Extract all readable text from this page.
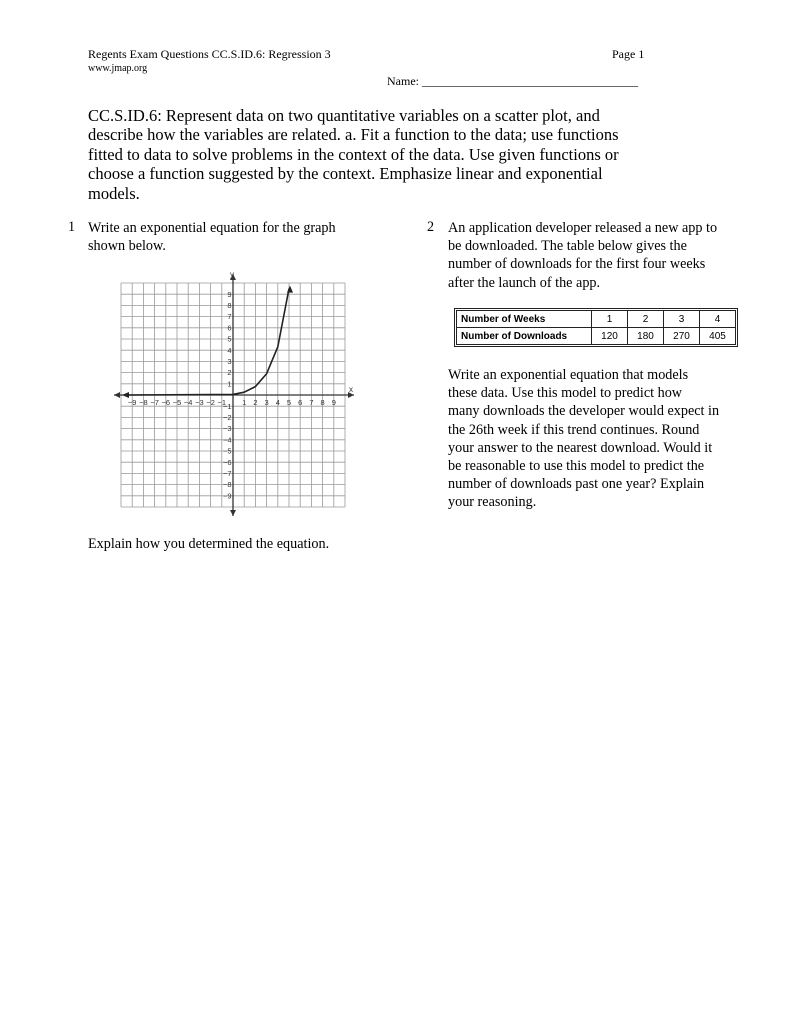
Regents Exam Questions CC.S.ID.6: Regression 3
www.jmap.org
Page 1
Name: ____________________________________
CC.S.ID.6: Represent data on two quantitative variables on a scatter plot, and describe how the variables are related. a. Fit a function to the data; use functions fitted to data to solve problems in the context of the data. Use given functions or choose a function suggested by the context. Emphasize linear and exponential models.
1 Write an exponential equation for the graph
shown below.
x
y
−9 −8 −7 −6 −5 −4 −3 −2 −1 1 2 3 4 5 6 7 8 9
9
8
7
6
5
4
3
2
1
−1
−2
−3
−4
−5
−6
−7
−8
−9
Explain how you determined the equation.
2 An application developer released a new app to
be downloaded. The table below gives the
number of downloads for the first four weeks
after the launch of the app.
Number of Weeks	1	2	3	4
Number of Downloads	120	180	270	405
Write an exponential equation that models
these data. Use this model to predict how
many downloads the developer would expect in
the 26th week if this trend continues. Round
your answer to the nearest download. Would it
be reasonable to use this model to predict the
number of downloads past one year? Explain
your reasoning.
